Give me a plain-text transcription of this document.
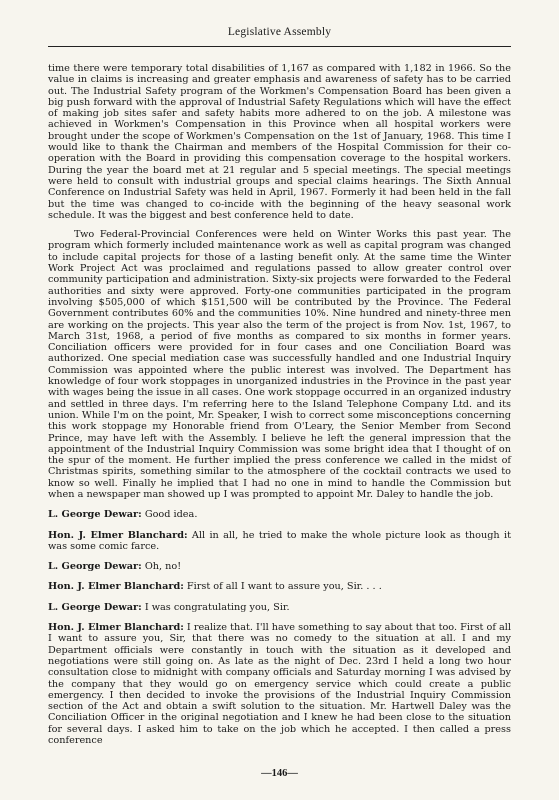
Legislative Assembly

time there were temporary total disabilities of 1,167 as compared with 1,182 in 1966. So the value in claims is increasing and greater emphasis and awareness of safety has to be carried out. The Industrial Safety program of the Workmen's Compensation Board has been given a big push forward with the approval of Industrial Safety Regulations which will have the effect of making job sites safer and safety habits more adhered to on the job. A milestone was achieved in Workmen's Compensation in this Province when all hospital workers were brought under the scope of Workmen's Compensation on the 1st of January, 1968. This time I would like to thank the Chairman and members of the Hospital Commission for their co-operation with the Board in providing this compensation coverage to the hospital workers. During the year the board met at 21 regular and 5 special meetings. The special meetings were held to consult with industrial groups and special claims hearings. The Sixth Annual Conference on Industrial Safety was held in April, 1967. Formerly it had been held in the fall but the time was changed to co-incide with the beginning of the heavy seasonal work schedule. It was the biggest and best conference held to date.

Two Federal-Provincial Conferences were held on Winter Works this past year. The program which formerly included maintenance work as well as capital program was changed to include capital projects for those of a lasting benefit only. At the same time the Winter Work Project Act was proclaimed and regulations passed to allow greater control over community participation and administration. Sixty-six projects were forwarded to the Federal authorities and sixty were approved. Forty-one communities participated in the program involving $505,000 of which $151,500 will be contributed by the Province. The Federal Government contributes 60% and the communities 10%. Nine hundred and ninety-three men are working on the projects. This year also the term of the project is from Nov. 1st, 1967, to March 31st, 1968, a period of five months as compared to six months in former years. Conciliation officers were provided for in four cases and one Conciliation Board was authorized. One special mediation case was successfully handled and one Industrial Inquiry Commission was appointed where the public interest was involved. The Department has knowledge of four work stoppages in unorganized industries in the Province in the past year with wages being the issue in all cases. One work stoppage occurred in an organized industry and settled in three days. I'm referring here to the Island Telephone Company Ltd. and its union. While I'm on the point, Mr. Speaker, I wish to correct some misconceptions concerning this work stoppage my Honorable friend from O'Leary, the Senior Member from Second Prince, may have left with the Assembly. I believe he left the general impression that the appointment of the Industrial Inquiry Commission was some bright idea that I thought of on the spur of the moment. He further implied the press conference we called in the midst of Christmas spirits, something similar to the atmosphere of the cocktail contracts we used to know so well. Finally he implied that I had no one in mind to handle the Commission but when a newspaper man showed up I was prompted to appoint Mr. Daley to handle the job.

L. George Dewar: Good idea.

Hon. J. Elmer Blanchard: All in all, he tried to make the whole picture look as though it was some comic farce.

L. George Dewar: Oh, no!

Hon. J. Elmer Blanchard: First of all I want to assure you, Sir. . . .

L. George Dewar: I was congratulating you, Sir.

Hon. J. Elmer Blanchard: I realize that. I'll have something to say about that too. First of all I want to assure you, Sir, that there was no comedy to the situation at all. I and my Department officials were constantly in touch with the situation as it developed and negotiations were still going on. As late as the night of Dec. 23rd I held a long two hour consultation close to midnight with company officials and Saturday morning I was advised by the company that they would go on emergency service which could create a public emergency. I then decided to invoke the provisions of the Industrial Inquiry Commission section of the Act and obtain a swift solution to the situation. Mr. Hartwell Daley was the Conciliation Officer in the original negotiation and I knew he had been close to the situation for several days. I asked him to take on the job which he accepted. I then called a press conference

—146—
